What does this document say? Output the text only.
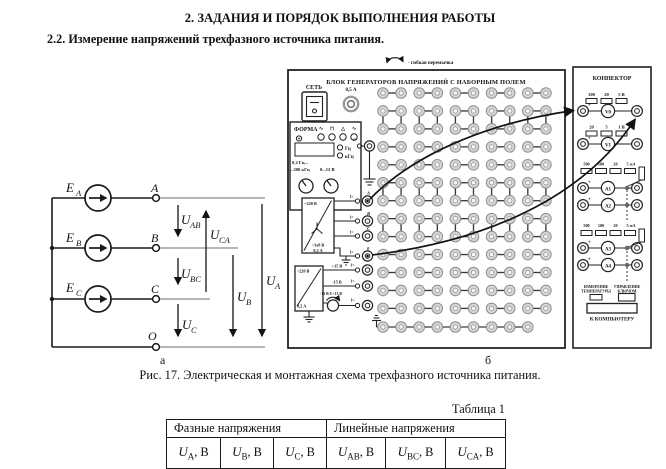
2. ЗАДАНИЯ И ПОРЯДОК ВЫПОЛНЕНИЯ РАБОТЫ
2.2. Измерение напряжений трехфазного источника питания.
E A
E B
E C
A
B
C
O
U AB
U CA
U BC
U C
U B
U A
а
- гибкая перемычка
БЛОК ГЕНЕРАТОРОВ НАПРЯЖЕНИЙ С НАБОРНЫМ ПОЛЕМ
СЕТЬ	0,5 А
ФОРМА ∿ ⊓ △ ∿
Гц
кГц
0,2 Гц...
...200 кГц 0...12 В
1>
~220 В
~3x8 В
0,2 А
А
1>
В
1>
С
1>
0
1>
~220 В
0,2 А
+15 В
-15 В
-13 В 0 +13 В
1>
1>
1>
б
КОННЕКТОР
100 20 5 В
+
V0
20	5 1 В
+
V1
500 100 20 5 мА
+
A1
+
A2
500 100 20 5 мА
+
A3
+
A4
ИЗМЕРЕНИЕ
ТЕМПЕРАТУРЫ
УПРАВЛЕНИЕ
КЛЮЧОМ
К КОМПЬЮТЕРУ
Рис. 17. Электрическая и монтажная схема трехфазного источника питания.
Таблица 1
Фазные напряжения			Линейные напряжения		
$U_A$, В	$U_B$, В	$U_C$, В	$U_{AB}$, В	$U_{BC}$, В	$U_{CA}$, В
